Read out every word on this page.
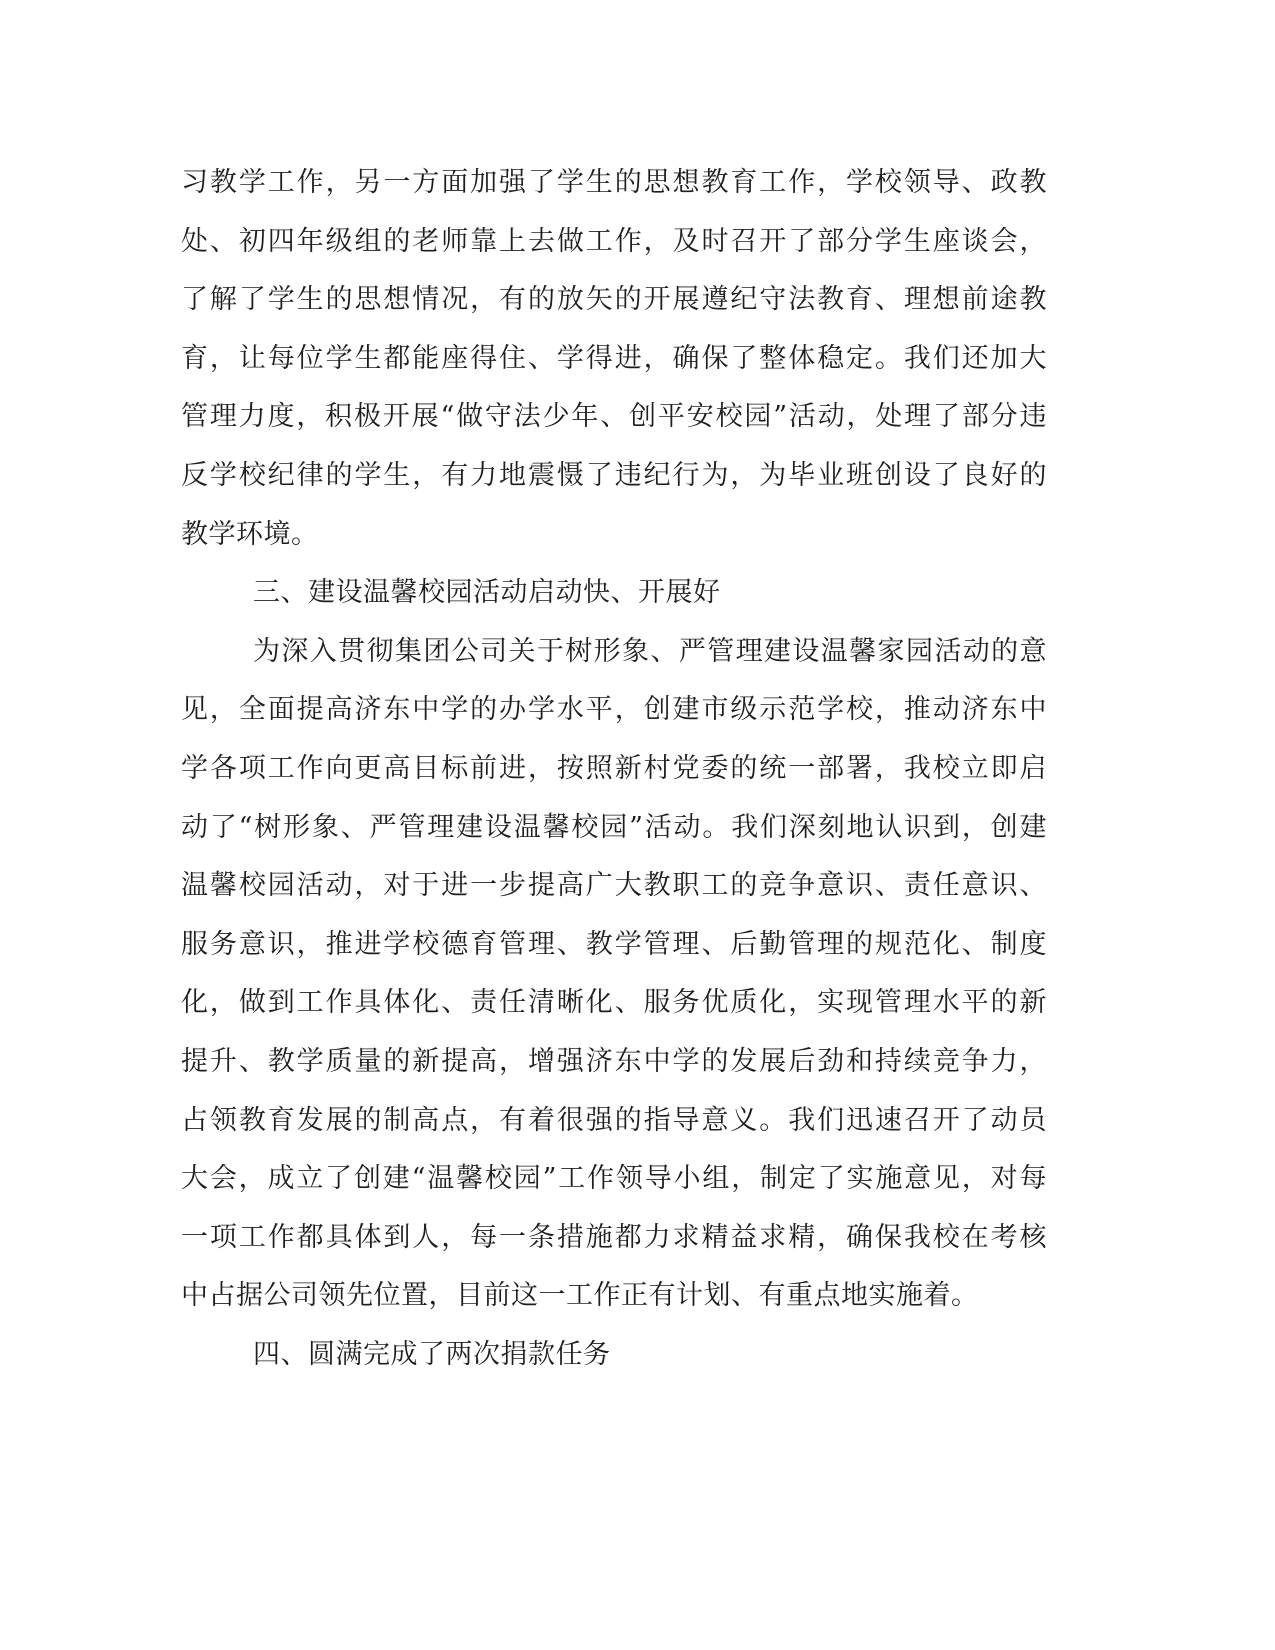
习教学工作，另一方面加强了学生的思想教育工作，学校领导、政教
处、初四年级组的老师靠上去做工作，及时召开了部分学生座谈会，
了解了学生的思想情况，有的放矢的开展遵纪守法教育、理想前途教
育，让每位学生都能座得住、学得进，确保了整体稳定。我们还加大
管理力度，积极开展“做守法少年、创平安校园”活动，处理了部分违
反学校纪律的学生，有力地震慑了违纪行为，为毕业班创设了良好的
教学环境。
三、建设温馨校园活动启动快、开展好
为深入贯彻集团公司关于树形象、严管理建设温馨家园活动的意
见，全面提高济东中学的办学水平，创建市级示范学校，推动济东中
学各项工作向更高目标前进，按照新村党委的统一部署，我校立即启
动了“树形象、严管理建设温馨校园”活动。我们深刻地认识到，创建
温馨校园活动，对于进一步提高广大教职工的竞争意识、责任意识、
服务意识，推进学校德育管理、教学管理、后勤管理的规范化、制度
化，做到工作具体化、责任清晰化、服务优质化，实现管理水平的新
提升、教学质量的新提高，增强济东中学的发展后劲和持续竞争力，
占领教育发展的制高点，有着很强的指导意义。我们迅速召开了动员
大会，成立了创建“温馨校园”工作领导小组，制定了实施意见，对每
一项工作都具体到人，每一条措施都力求精益求精，确保我校在考核
中占据公司领先位置，目前这一工作正有计划、有重点地实施着。
四、圆满完成了两次捐款任务
